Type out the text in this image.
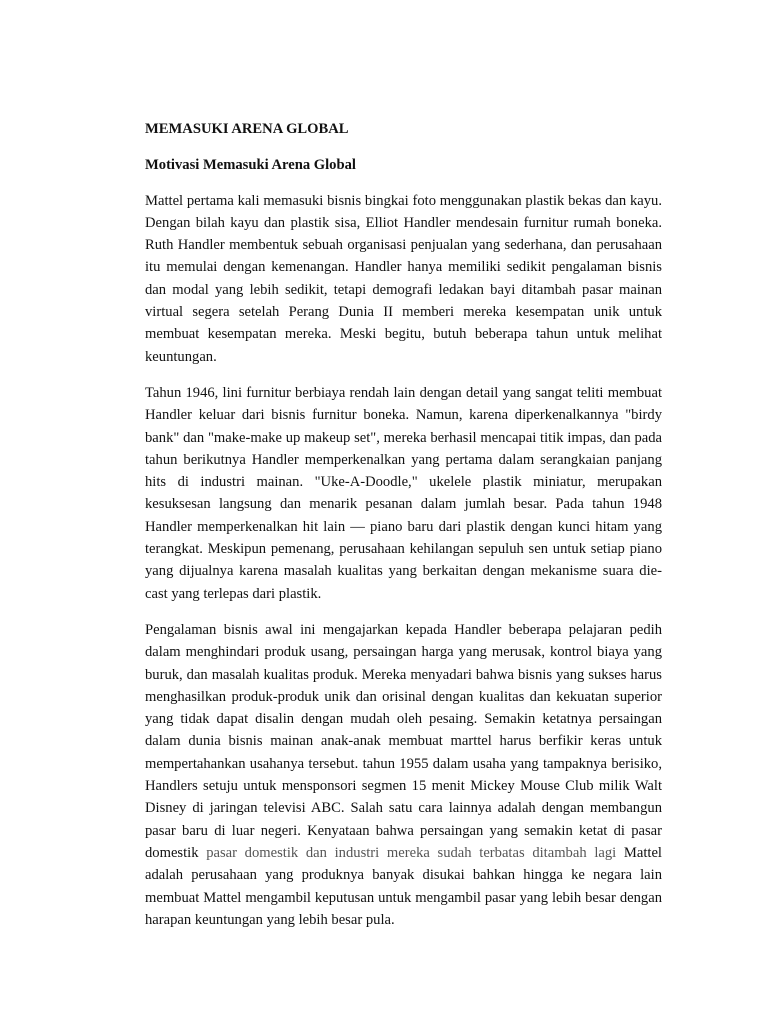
MEMASUKI ARENA GLOBAL
Motivasi Memasuki Arena Global

Mattel pertama kali memasuki bisnis bingkai foto menggunakan plastik bekas dan kayu. Dengan bilah kayu dan plastik sisa, Elliot Handler mendesain furnitur rumah boneka. Ruth Handler membentuk sebuah organisasi penjualan yang sederhana, dan perusahaan itu memulai dengan kemenangan. Handler hanya memiliki sedikit pengalaman bisnis dan modal yang lebih sedikit, tetapi demografi ledakan bayi ditambah pasar mainan virtual segera setelah Perang Dunia II memberi mereka kesempatan unik untuk membuat kesempatan mereka. Meski begitu, butuh beberapa tahun untuk melihat keuntungan.

Tahun 1946, lini furnitur berbiaya rendah lain dengan detail yang sangat teliti membuat Handler keluar dari bisnis furnitur boneka. Namun, karena diperkenalkannya "birdy bank" dan "make-make up makeup set", mereka berhasil mencapai titik impas, dan pada tahun berikutnya Handler memperkenalkan yang pertama dalam serangkaian panjang hits di industri mainan. "Uke-A-Doodle," ukelele plastik miniatur, merupakan kesuksesan langsung dan menarik pesanan dalam jumlah besar. Pada tahun 1948 Handler memperkenalkan hit lain — piano baru dari plastik dengan kunci hitam yang terangkat. Meskipun pemenang, perusahaan kehilangan sepuluh sen untuk setiap piano yang dijualnya karena masalah kualitas yang berkaitan dengan mekanisme suara die-cast yang terlepas dari plastik.

Pengalaman bisnis awal ini mengajarkan kepada Handler beberapa pelajaran pedih dalam menghindari produk usang, persaingan harga yang merusak, kontrol biaya yang buruk, dan masalah kualitas produk. Mereka menyadari bahwa bisnis yang sukses harus menghasilkan produk-produk unik dan orisinal dengan kualitas dan kekuatan superior yang tidak dapat disalin dengan mudah oleh pesaing. Semakin ketatnya persaingan dalam dunia bisnis mainan anak-anak membuat marttel harus berfikir keras untuk mempertahankan usahanya tersebut. tahun 1955 dalam usaha yang tampaknya berisiko, Handlers setuju untuk mensponsori segmen 15 menit Mickey Mouse Club milik Walt Disney di jaringan televisi ABC. Salah satu cara lainnya adalah dengan membangun pasar baru di luar negeri. Kenyataan bahwa persaingan yang semakin ketat di pasar domestik pasar domestik dan industri mereka sudah terbatas ditambah lagi Mattel adalah perusahaan yang produknya banyak disukai bahkan hingga ke negara lain membuat Mattel mengambil keputusan untuk mengambil pasar yang lebih besar dengan harapan keuntungan yang lebih besar pula.
